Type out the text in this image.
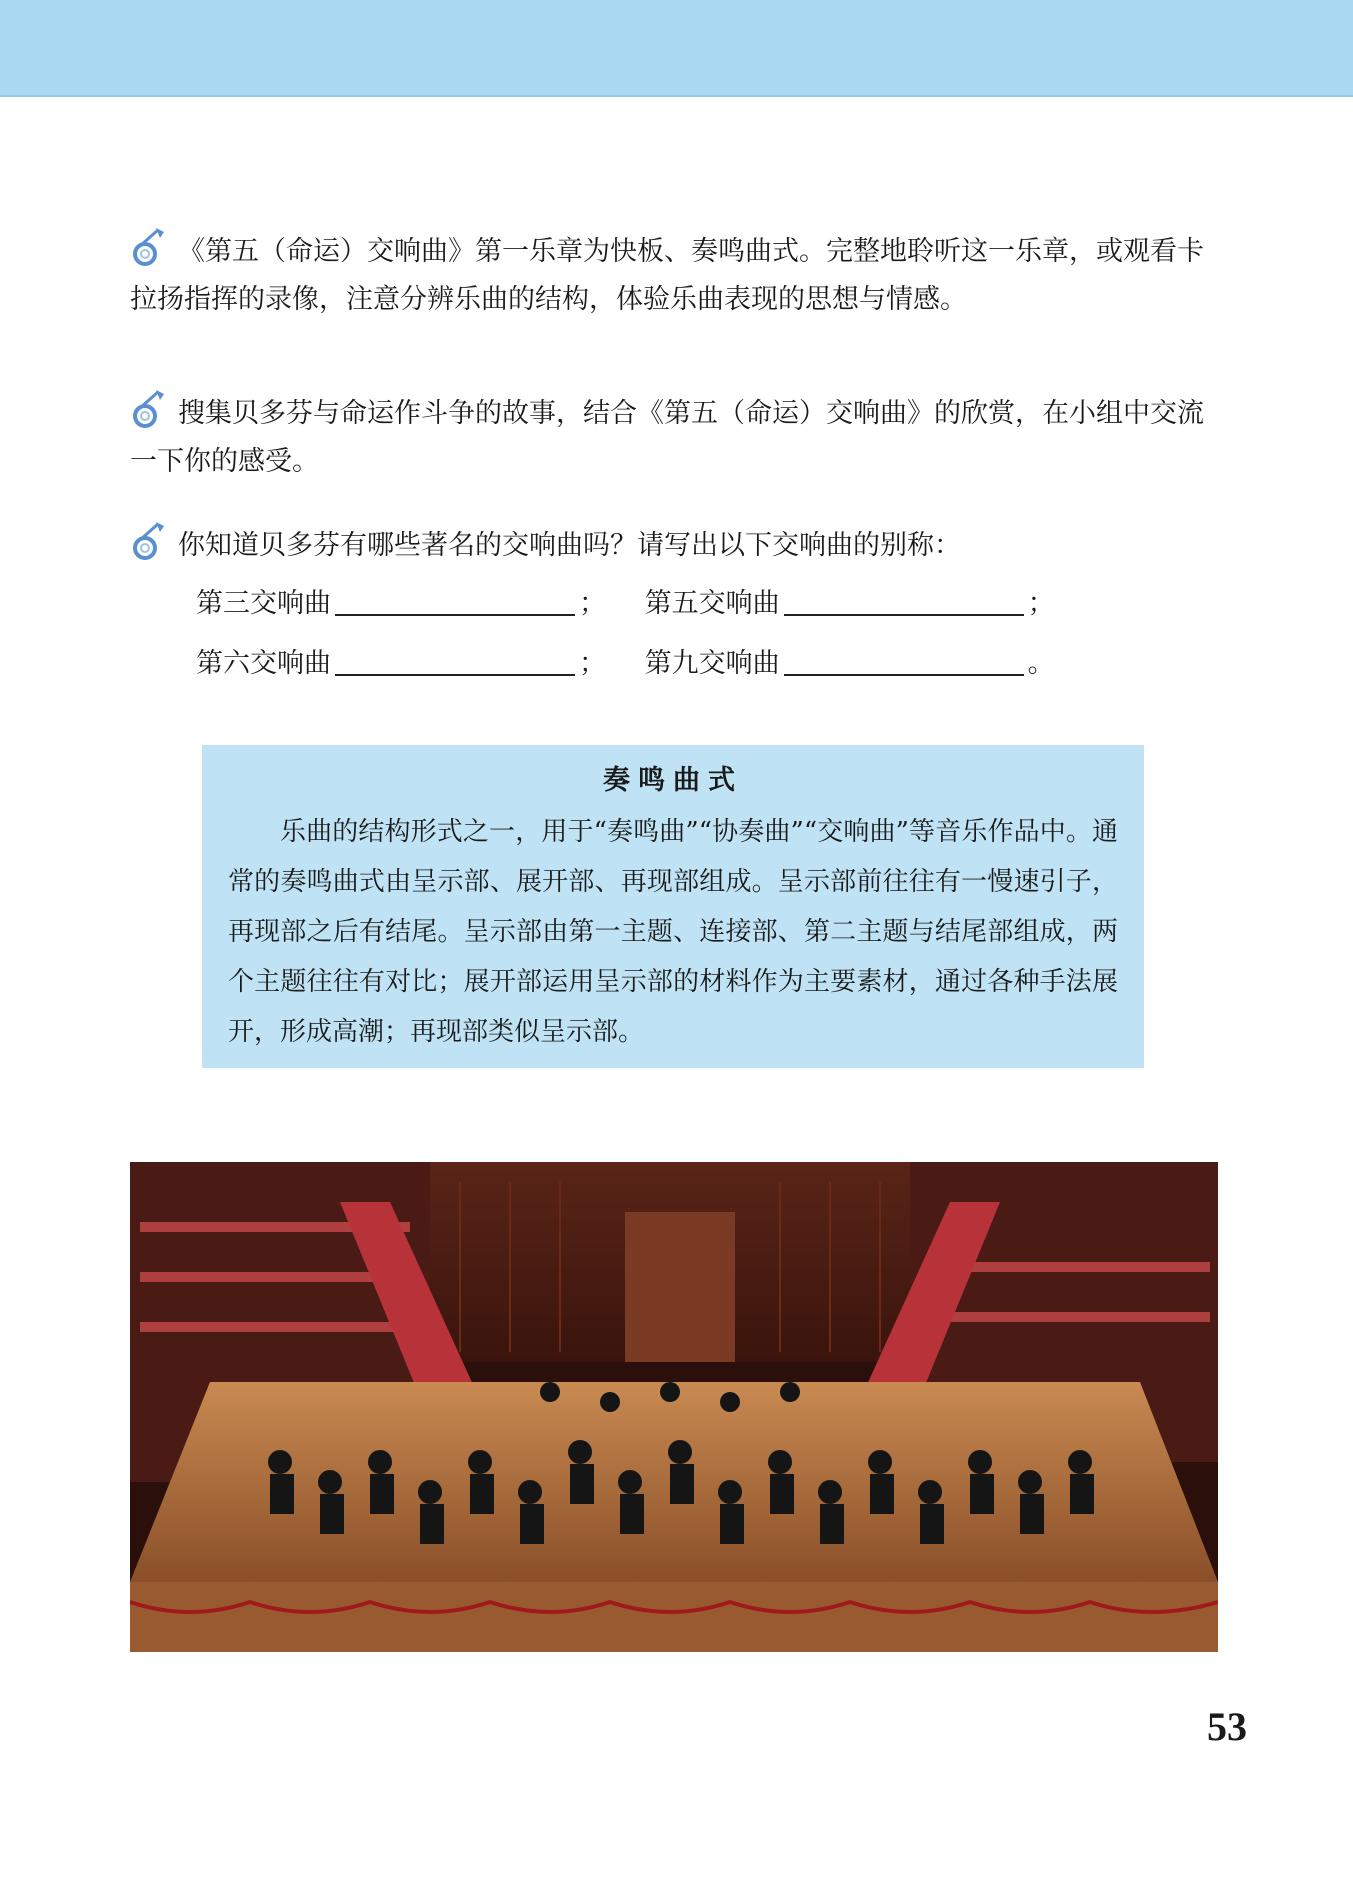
《第五（命运）交响曲》第一乐章为快板、奏鸣曲式。完整地聆听这一乐章，或观看卡拉扬指挥的录像，注意分辨乐曲的结构，体验乐曲表现的思想与情感。
搜集贝多芬与命运作斗争的故事，结合《第五（命运）交响曲》的欣赏，在小组中交流一下你的感受。
你知道贝多芬有哪些著名的交响曲吗？请写出以下交响曲的别称：
第三交响曲	； 第五交响曲	；
第六交响曲	； 第九交响曲	。
奏鸣曲式
乐曲的结构形式之一，用于“奏鸣曲”“协奏曲”“交响曲”等音乐作品中。通常的奏鸣曲式由呈示部、展开部、再现部组成。呈示部前往往有一慢速引子，再现部之后有结尾。呈示部由第一主题、连接部、第二主题与结尾部组成，两个主题往往有对比；展开部运用呈示部的材料作为主要素材，通过各种手法展开，形成高潮；再现部类似呈示部。
53
